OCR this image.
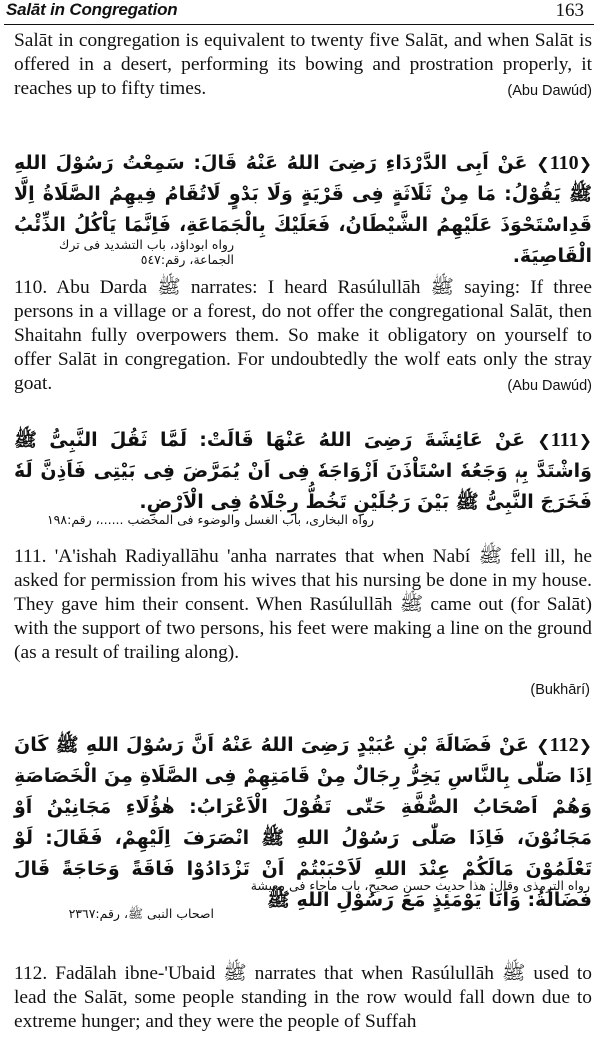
Salāt in Congregation	163
Salāt in congregation is equivalent to twenty five Salāt, and when Salāt is offered in a desert, performing its bowing and prostration properly, it reaches up to fifty times.	(Abu Dawúd)
❮110❯ عَنْ اَبِى الدَّرْدَاءِ رَضِىَ اللهُ عَنْهُ قَالَ: سَمِعْتُ رَسُوْلَ اللهِ ﷺ يَقُوْلُ: مَا مِنْ ثَلَاثَةٍ فِى قَرْيَةٍ وَلَا بَدْوٍ لَاتُقَامُ فِيهِمُ الصَّلَاةُ اِلَّا قَدِاسْتَحْوَذَ عَلَيْهِمُ الشَّيْطَانُ، فَعَلَيْكَ بِالْجَمَاعَةِ، فَاِنَّمَا يَاْكُلُ الذِّئْبُ الْقَاصِيَةَ.
رواه ابوداؤد، باب التشديد فى ترك الجماعة، رقم:٥٤٧
110. Abu Darda ﷺ narrates: I heard Rasúlullāh ﷺ saying: If three persons in a village or a forest, do not offer the congregational Salāt, then Shaitahn fully overpowers them. So make it obligatory on yourself to offer Salāt in congregation. For undoubtedly the wolf eats only the stray goat.	(Abu Dawúd)
❮111❯ عَنْ عَائِشَةَ رَضِىَ اللهُ عَنْهَا قَالَتْ: لَمَّا ثَقُلَ النَّبِىُّ ﷺ وَاشْتَدَّ بِهٖ وَجَعُهٗ اسْتَاْذَنَ اَزْوَاجَهٗ فِى اَنْ يُمَرَّضَ فِى بَيْتِى فَاَذِنَّ لَهٗ فَخَرَجَ النَّبِىُّ ﷺ بَيْنَ رَجُلَيْنِ تَخُطُّ رِجْلَاهُ فِى الْاَرْضِ.
رواه البخارى، باب الغسل والوضوء فى المخضب ......، رقم:١٩٨
111. 'A'ishah Radiyallāhu 'anha narrates that when Nabí ﷺ fell ill, he asked for permission from his wives that his nursing be done in my house. They gave him their consent. When Rasúlullāh ﷺ came out (for Salāt) with the support of two persons, his feet were making a line on the ground (as a result of trailing along).
(Bukhārí)
❮112❯ عَنْ فَضَالَةَ بْنِ عُبَيْدٍ رَضِىَ اللهُ عَنْهُ اَنَّ رَسُوْلَ اللهِ ﷺ كَانَ اِذَا صَلّٰى بِالنَّاسِ يَخِرُّ رِجَالٌ مِنْ قَامَتِهِمْ فِى الصَّلَاةِ مِنَ الْخَصَاصَةِ وَهُمْ اَصْحَابُ الصُّفَّةِ حَتّٰى تَقُوْلَ الْاَعْرَابُ: هٰؤُلَاءِ مَجَانِيْنُ اَوْ مَجَانُوْنَ، فَاِذَا صَلّٰى رَسُوْلُ اللهِ ﷺ انْصَرَفَ اِلَيْهِمْ، فَقَالَ: لَوْ تَعْلَمُوْنَ مَالَكُمْ عِنْدَ اللهِ لَاَحْبَبْتُمْ اَنْ تَزْدَادُوْا فَاقَةً وَحَاجَةً قَالَ فَضَالَةُ: وَاَنَا يَوْمَئِذٍ مَعَ رَسُوْلِ اللهِ ﷺ
رواه الترمذى وقال: هذا حديث حسن صحيح، باب ماجاء فى معيشة
اصحاب النبى ﷺ، رقم:٢٣٦٧
112. Fadālah ibne-'Ubaid ﷺ narrates that when Rasúlullāh ﷺ used to lead the Salāt, some people standing in the row would fall down due to extreme hunger; and they were the people of Suffah
